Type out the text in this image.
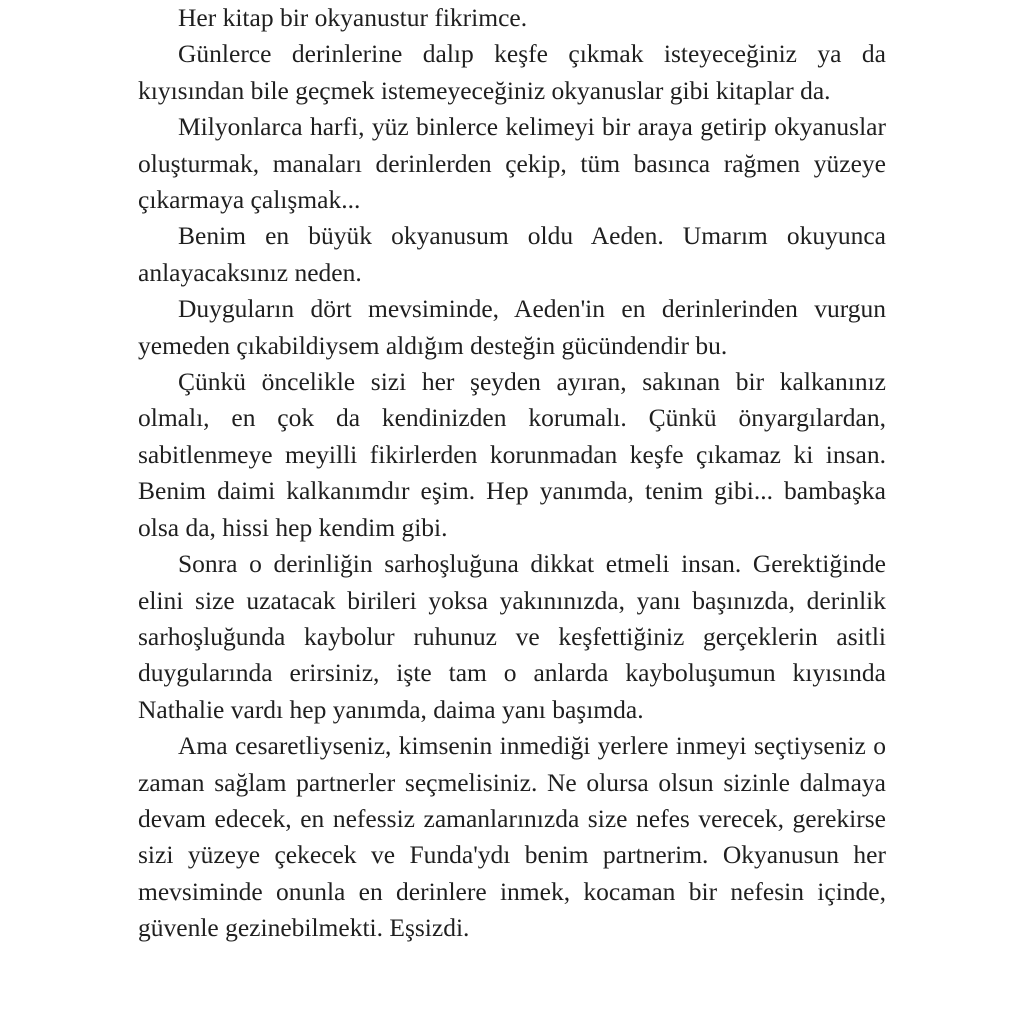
Her kitap bir okyanustur fikrimce.

Günlerce derinlerine dalıp keşfe çıkmak isteyeceğiniz ya da kıyısından bile geçmek istemeyeceğiniz okyanuslar gibi kitaplar da.

Milyonlarca harfi, yüz binlerce kelimeyi bir araya getirip okyanuslar oluşturmak, manaları derinlerden çekip, tüm basınca rağmen yüzeye çıkarmaya çalışmak...

Benim en büyük okyanusum oldu Aeden. Umarım okuyunca anlayacaksınız neden.

Duyguların dört mevsiminde, Aeden'in en derinlerinden vurgun yemeden çıkabildiysem aldığım desteğin gücündendir bu.

Çünkü öncelikle sizi her şeyden ayıran, sakınan bir kalkanınız olmalı, en çok da kendinizden korumalı. Çünkü önyargılardan, sabitlenmeye meyilli fikirlerden korunmadan keşfe çıkamaz ki insan. Benim daimi kalkanımdır eşim. Hep yanımda, tenim gibi... bambaşka olsa da, hissi hep kendim gibi.

Sonra o derinliğin sarhoşluğuna dikkat etmeli insan. Gerektiğinde elini size uzatacak birileri yoksa yakınınızda, yanı başınızda, derinlik sarhoşluğunda kaybolur ruhunuz ve keşfettiğiniz gerçeklerin asitli duygularında erirsiniz, işte tam o anlarda kayboluşumun kıyısında Nathalie vardı hep yanımda, daima yanı başımda.

Ama cesaretliyseniz, kimsenin inmediği yerlere inmeyi seçtiyseniz o zaman sağlam partnerler seçmelisiniz. Ne olursa olsun sizinle dalmaya devam edecek, en nefessiz zamanlarınızda size nefes verecek, gerekirse sizi yüzeye çekecek ve Funda'ydı benim partnerim. Okyanusun her mevsiminde onunla en derinlere inmek, kocaman bir nefesin içinde, güvenle gezinebilmekti. Eşsizdi.
